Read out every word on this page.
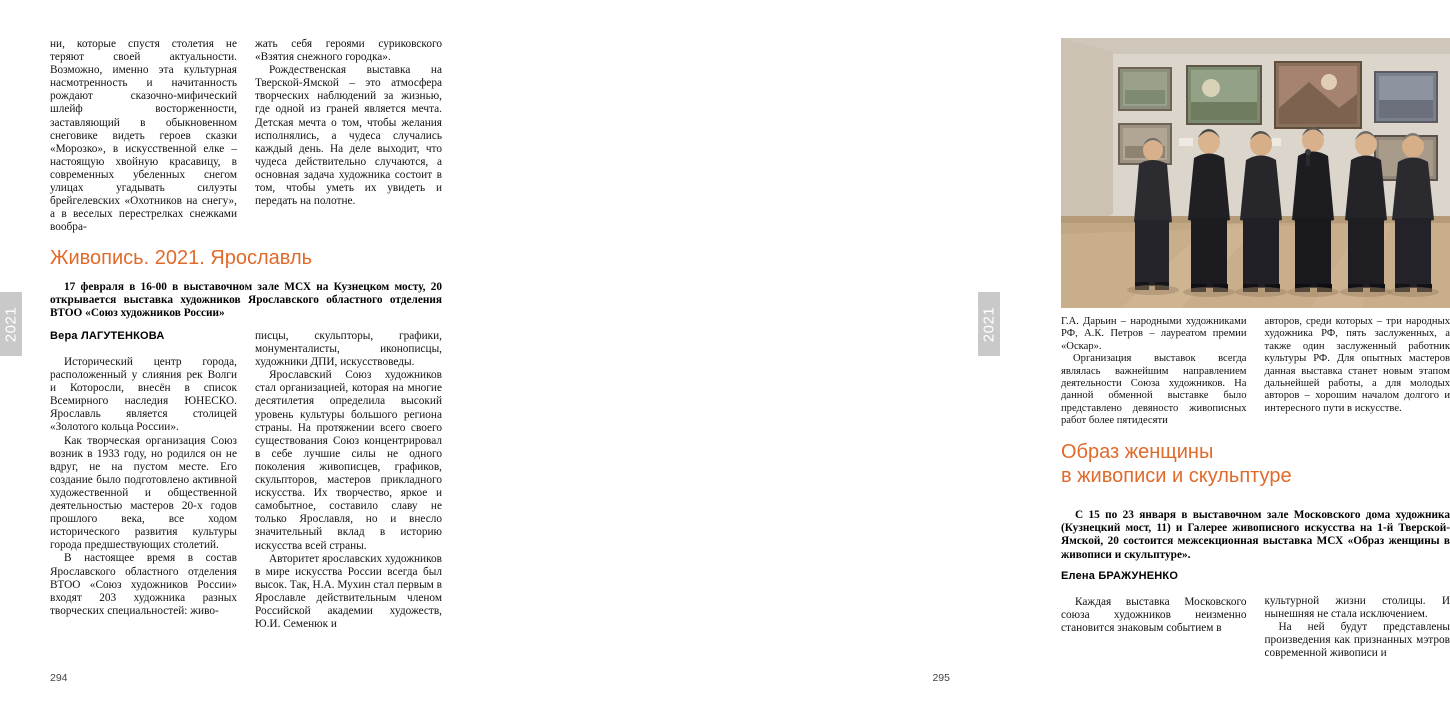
2021

ни, которые спустя столетия не теряют своей актуальности. Возможно, именно эта культурная насмотренность и начитанность рождают сказочно-мифический шлейф восторженности, заставляющий в обыкновенном снеговике видеть героев сказки «Морозко», в искусственной елке – настоящую хвойную красавицу, в современных убеленных снегом улицах угадывать силуэты брейгелевских «Охотников на снегу», а в веселых перестрелках снежками вообра-

жать себя героями суриковского «Взятия снежного городка».

Рождественская выставка на Тверской-Ямской – это атмосфера творческих наблюдений за жизнью, где одной из граней является мечта. Детская мечта о том, чтобы желания исполнялись, а чудеса случались каждый день. На деле выходит, что чудеса действительно случаются, а основная задача художника состоит в том, чтобы уметь их увидеть и передать на полотне.

Живопись. 2021. Ярославль

17 февраля в 16-00 в выставочном зале МСХ на Кузнецком мосту, 20 открывается выставка художников Ярославского областного отделения ВТОО «Союз художников России»

Вера ЛАГУТЕНКОВА

Исторический центр города, расположенный у слияния рек Волги и Которосли, внесён в список Всемирного наследия ЮНЕСКО. Ярославль является столицей «Золотого кольца России».

Как творческая организация Союз возник в 1933 году, но родился он не вдруг, не на пустом месте. Его создание было подготовлено активной художественной и общественной деятельностью мастеров 20-х годов прошлого века, все ходом исторического развития культуры города предшествующих столетий.

В настоящее время в состав Ярославского областного отделения ВТОО «Союз художников России» входят 203 художника разных творческих специальностей: живо-

писцы, скульпторы, графики, монументалисты, иконописцы, художники ДПИ, искусствоведы.

Ярославский Союз художников стал организацией, которая на многие десятилетия определила высокий уровень культуры большого региона страны. На протяжении всего своего существования Союз концентрировал в себе лучшие силы не одного поколения живописцев, графиков, скульпторов, мастеров прикладного искусства. Их творчество, яркое и самобытное, составило славу не только Ярославля, но и внесло значительный вклад в историю искусства всей страны.

Авторитет ярославских художников в мире искусства России всегда был высок. Так, Н.А. Мухин стал первым в Ярославле действительным членом Российской академии художеств, Ю.И. Семенюк и

294
2021	Г.А. Дарьин – народными художниками РФ, А.К. Петров – лауреатом премии «Оскар».

Организация выставок всегда являлась важнейшим направлением деятельности Союза художников. На данной обменной выставке было представлено девяносто живописных работ более пятидесяти

авторов, среди которых – три народных художника РФ, пять заслуженных, а также один заслуженный работник культуры РФ. Для опытных мастеров данная выставка станет новым этапом дальнейшей работы, а для молодых авторов – хорошим началом долгого и интересного пути в искусстве.

Образ женщины
в живописи и скульптуре

С 15 по 23 января в выставочном зале Московского дома художника (Кузнецкий мост, 11) и Галерее живописного искусства на 1-й Тверской-Ямской, 20 состоится межсекционная выставка МСХ «Образ женщины в живописи и скульптуре».

Елена БРАЖУНЕНКО

Каждая выставка Московского союза художников неизменно становится знаковым событием в

культурной жизни столицы. И нынешняя не стала исключением.

На ней будут представлены произведения как признанных мэтров современной живописи и

295
